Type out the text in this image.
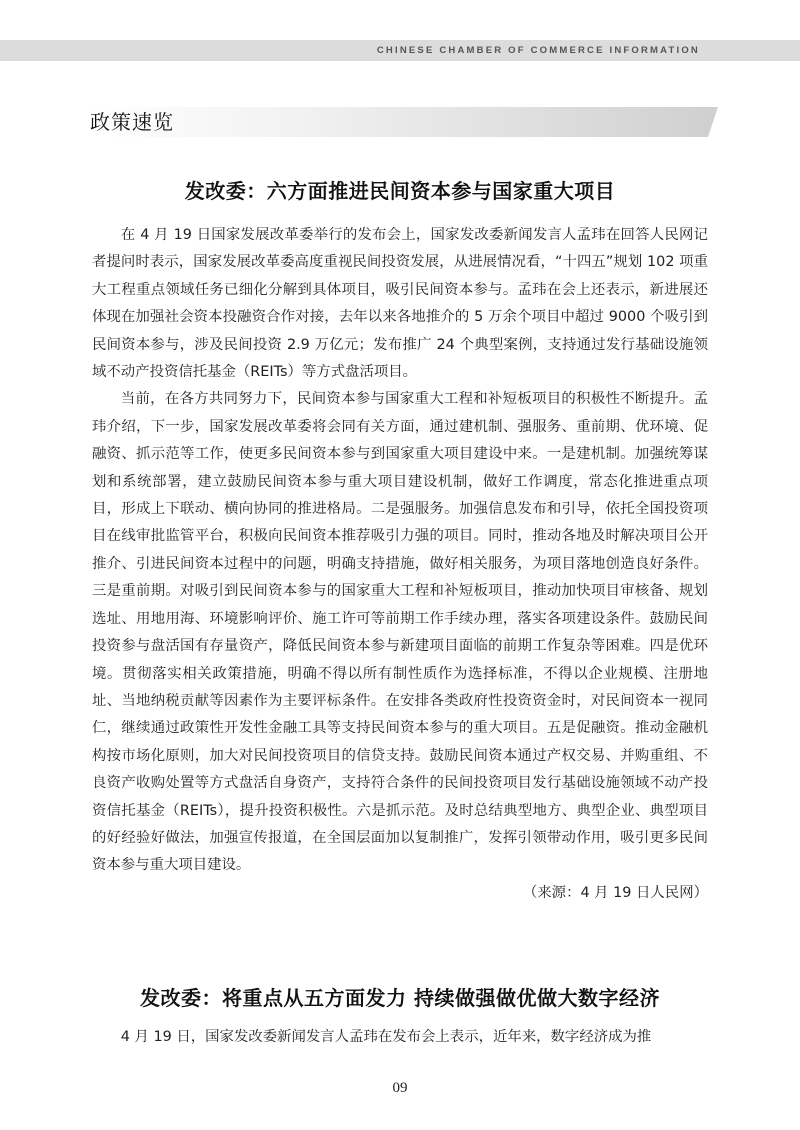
CHINESE CHAMBER OF COMMERCE INFORMATION
政策速览
发改委：六方面推进民间资本参与国家重大项目

在 4 月 19 日国家发展改革委举行的发布会上，国家发改委新闻发言人孟玮在回答人民网记者提问时表示，国家发展改革委高度重视民间投资发展，从进展情况看，“十四五”规划 102 项重大工程重点领域任务已细化分解到具体项目，吸引民间资本参与。孟玮在会上还表示，新进展还体现在加强社会资本投融资合作对接，去年以来各地推介的 5 万余个项目中超过 9000 个吸引到民间资本参与，涉及民间投资 2.9 万亿元；发布推广 24 个典型案例，支持通过发行基础设施领域不动产投资信托基金（REITs）等方式盘活项目。

当前，在各方共同努力下，民间资本参与国家重大工程和补短板项目的积极性不断提升。孟玮介绍，下一步，国家发展改革委将会同有关方面，通过建机制、强服务、重前期、优环境、促融资、抓示范等工作，使更多民间资本参与到国家重大项目建设中来。一是建机制。加强统筹谋划和系统部署，建立鼓励民间资本参与重大项目建设机制，做好工作调度，常态化推进重点项目，形成上下联动、横向协同的推进格局。二是强服务。加强信息发布和引导，依托全国投资项目在线审批监管平台，积极向民间资本推荐吸引力强的项目。同时，推动各地及时解决项目公开推介、引进民间资本过程中的问题，明确支持措施，做好相关服务，为项目落地创造良好条件。三是重前期。对吸引到民间资本参与的国家重大工程和补短板项目，推动加快项目审核备、规划选址、用地用海、环境影响评价、施工许可等前期工作手续办理，落实各项建设条件。鼓励民间投资参与盘活国有存量资产，降低民间资本参与新建项目面临的前期工作复杂等困难。四是优环境。贯彻落实相关政策措施，明确不得以所有制性质作为选择标准，不得以企业规模、注册地址、当地纳税贡献等因素作为主要评标条件。在安排各类政府性投资资金时，对民间资本一视同仁，继续通过政策性开发性金融工具等支持民间资本参与的重大项目。五是促融资。推动金融机构按市场化原则，加大对民间投资项目的信贷支持。鼓励民间资本通过产权交易、并购重组、不良资产收购处置等方式盘活自身资产，支持符合条件的民间投资项目发行基础设施领域不动产投资信托基金（REITs），提升投资积极性。六是抓示范。及时总结典型地方、典型企业、典型项目的好经验好做法，加强宣传报道，在全国层面加以复制推广，发挥引领带动作用，吸引更多民间资本参与重大项目建设。

（来源：4 月 19 日人民网）
发改委：将重点从五方面发力 持续做强做优做大数字经济

4 月 19 日，国家发改委新闻发言人孟玮在发布会上表示，近年来，数字经济成为推

09
